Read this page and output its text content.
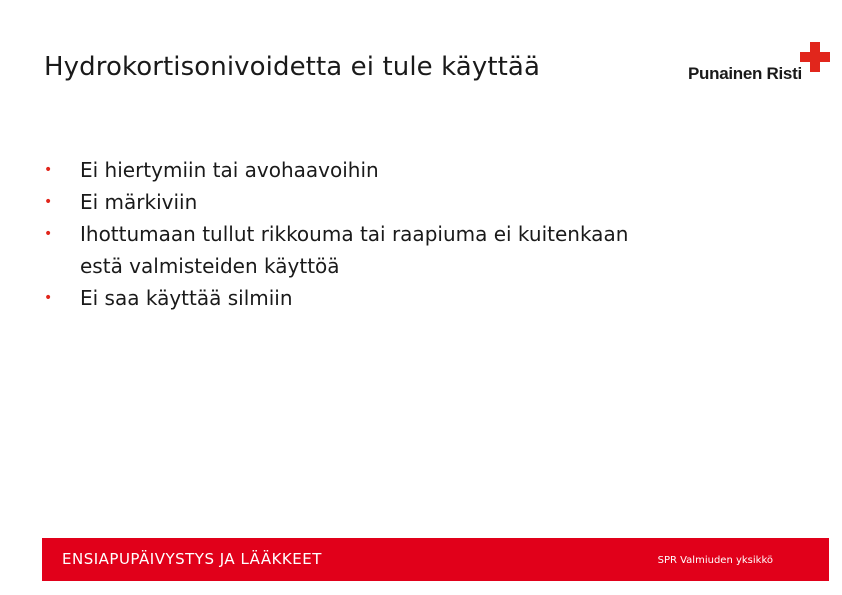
Hydrokortisonivoidetta ei tule käyttää	Punainen Risti
• Ei hiertymiin tai avohaavoihin
• Ei märkiviin
• Ihottumaan tullut rikkouma tai raapiuma ei kuitenkaan
estä valmisteiden käyttöä
• Ei saa käyttää silmiin
ENSIAPUPÄIVYSTYS JA LÄÄKKEET	SPR Valmiuden yksikkö
